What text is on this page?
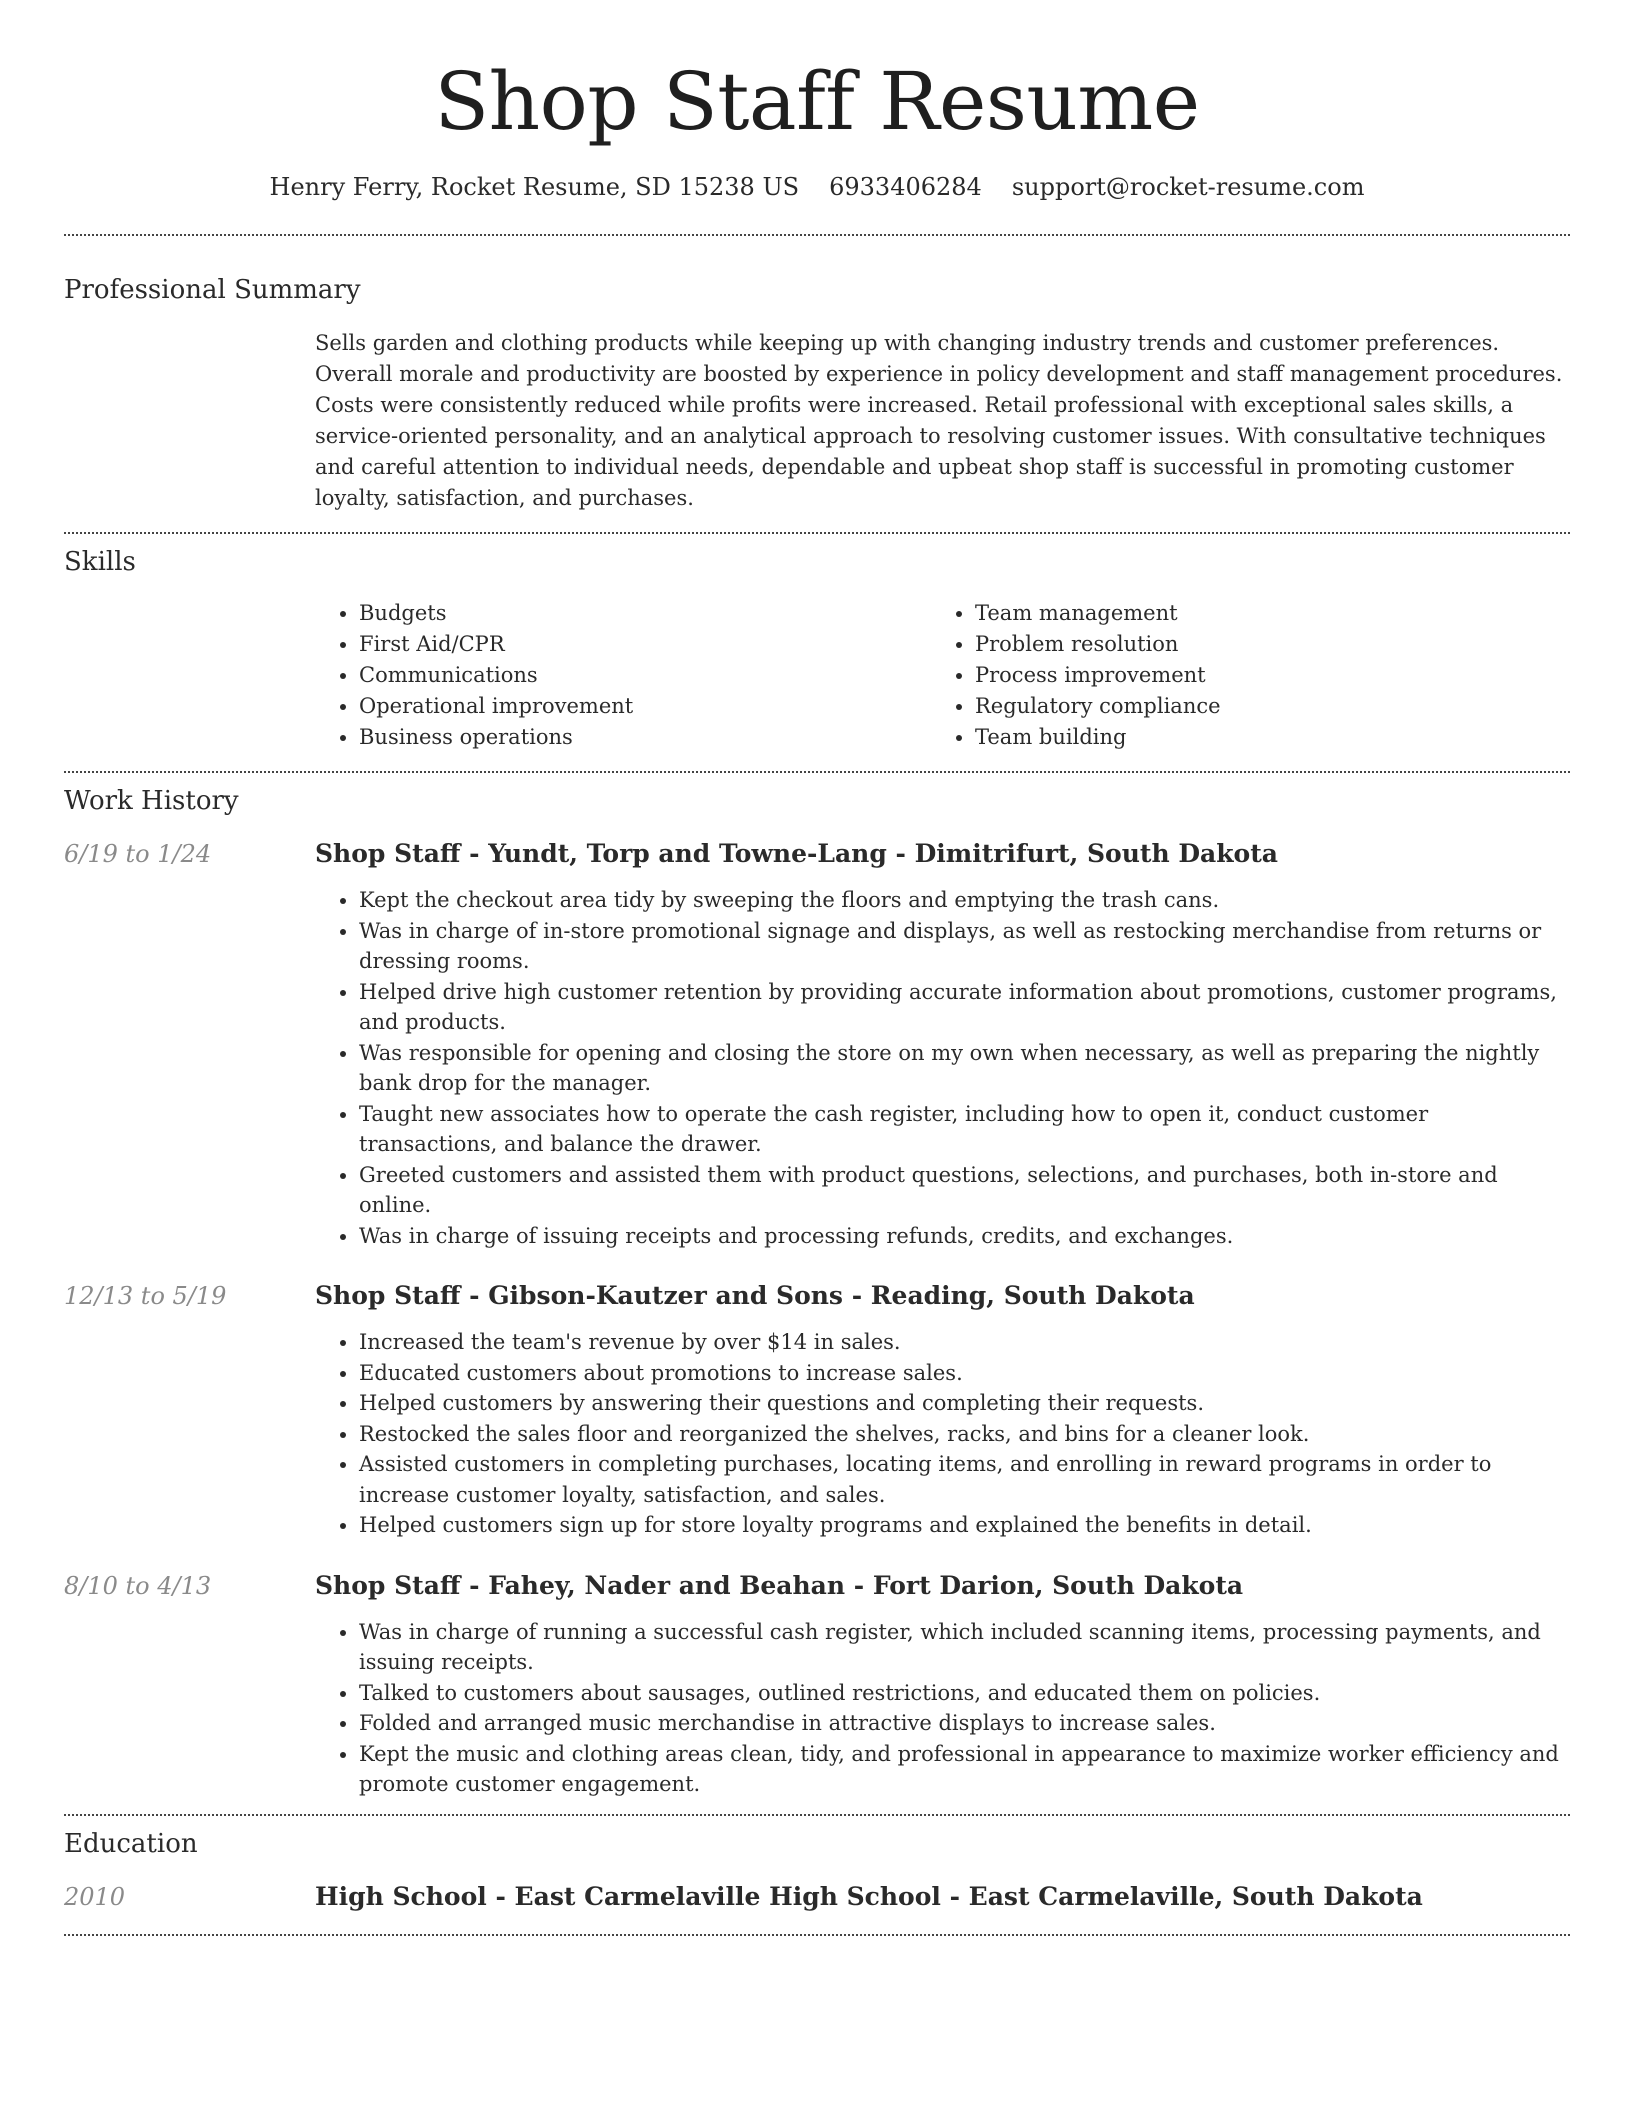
Shop Staff Resume
Henry Ferry, Rocket Resume, SD 15238 US 6933406284 support@rocket-resume.com
Professional Summary

Sells garden and clothing products while keeping up with changing industry trends and customer preferences. Overall morale and productivity are boosted by experience in policy development and staff management procedures. Costs were consistently reduced while profits were increased. Retail professional with exceptional sales skills, a service-oriented personality, and an analytical approach to resolving customer issues. With consultative techniques and careful attention to individual needs, dependable and upbeat shop staff is successful in promoting customer loyalty, satisfaction, and purchases.

Skills
• Budgets
• First Aid/CPR
• Communications
• Operational improvement
• Business operations
• Team management
• Problem resolution
• Process improvement
• Regulatory compliance
• Team building
Work History
6/19 to 1/24	Shop Staff - Yundt, Torp and Towne-Lang - Dimitrifurt, South Dakota
• Kept the checkout area tidy by sweeping the floors and emptying the trash cans.
• Was in charge of in-store promotional signage and displays, as well as restocking merchandise from returns or dressing rooms.
• Helped drive high customer retention by providing accurate information about promotions, customer programs, and products.
• Was responsible for opening and closing the store on my own when necessary, as well as preparing the nightly bank drop for the manager.
• Taught new associates how to operate the cash register, including how to open it, conduct customer transactions, and balance the drawer.
• Greeted customers and assisted them with product questions, selections, and purchases, both in-store and online.
• Was in charge of issuing receipts and processing refunds, credits, and exchanges.
12/13 to 5/19	Shop Staff - Gibson-Kautzer and Sons - Reading, South Dakota
• Increased the team's revenue by over $14 in sales.
• Educated customers about promotions to increase sales.
• Helped customers by answering their questions and completing their requests.
• Restocked the sales floor and reorganized the shelves, racks, and bins for a cleaner look.
• Assisted customers in completing purchases, locating items, and enrolling in reward programs in order to increase customer loyalty, satisfaction, and sales.
• Helped customers sign up for store loyalty programs and explained the benefits in detail.
8/10 to 4/13	Shop Staff - Fahey, Nader and Beahan - Fort Darion, South Dakota
• Was in charge of running a successful cash register, which included scanning items, processing payments, and issuing receipts.
• Talked to customers about sausages, outlined restrictions, and educated them on policies.
• Folded and arranged music merchandise in attractive displays to increase sales.
• Kept the music and clothing areas clean, tidy, and professional in appearance to maximize worker efficiency and promote customer engagement.
Education
2010	High School - East Carmelaville High School - East Carmelaville, South Dakota
